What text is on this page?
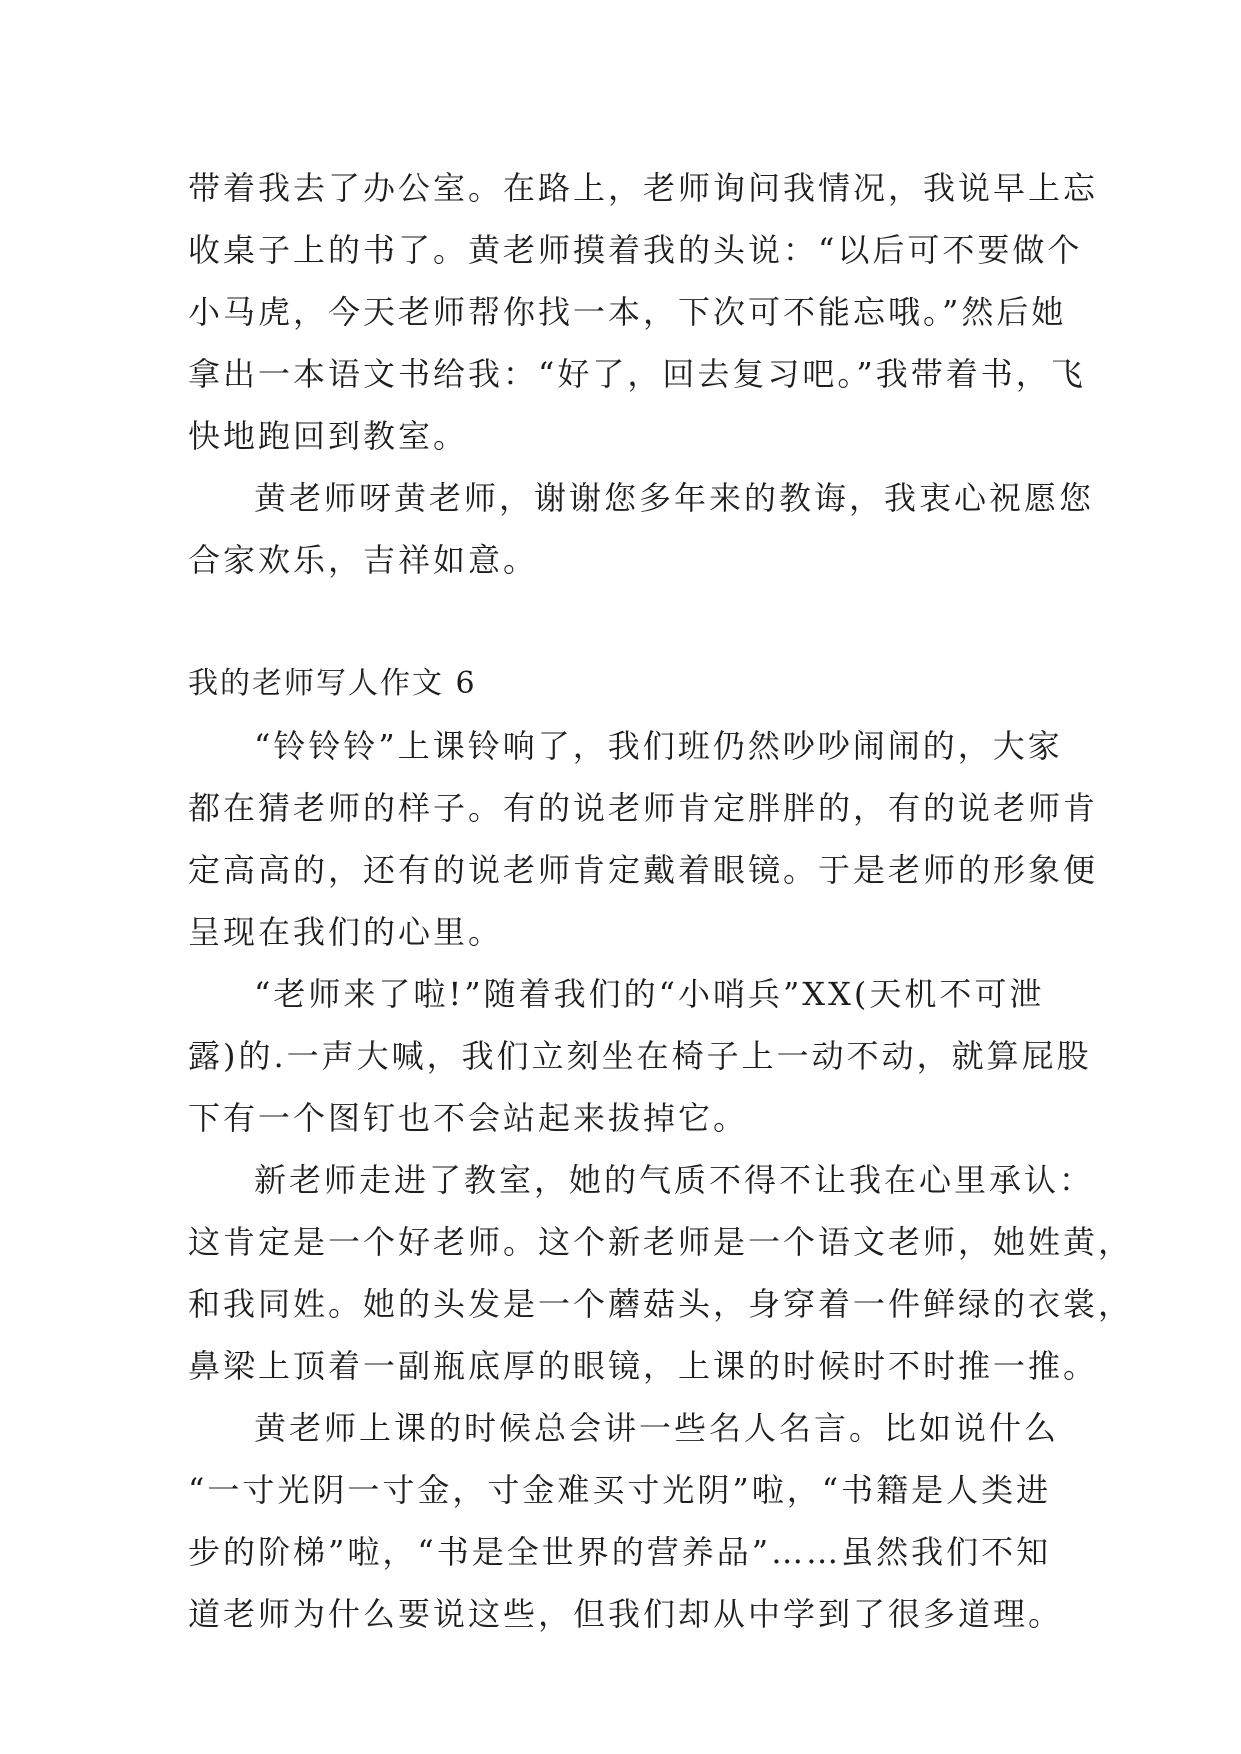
带着我去了办公室。在路上，老师询问我情况，我说早上忘
收桌子上的书了。黄老师摸着我的头说：“以后可不要做个
小马虎，今天老师帮你找一本，下次可不能忘哦。”然后她
拿出一本语文书给我：“好了，回去复习吧。”我带着书，飞
快地跑回到教室。
黄老师呀黄老师，谢谢您多年来的教诲，我衷心祝愿您
合家欢乐，吉祥如意。
我的老师写人作文 6
“铃铃铃”上课铃响了，我们班仍然吵吵闹闹的，大家
都在猜老师的样子。有的说老师肯定胖胖的，有的说老师肯
定高高的，还有的说老师肯定戴着眼镜。于是老师的形象便
呈现在我们的心里。
“老师来了啦!”随着我们的“小哨兵”XX(天机不可泄
露)的.一声大喊，我们立刻坐在椅子上一动不动，就算屁股
下有一个图钉也不会站起来拔掉它。
新老师走进了教室，她的气质不得不让我在心里承认：
这肯定是一个好老师。这个新老师是一个语文老师，她姓黄，
和我同姓。她的头发是一个蘑菇头，身穿着一件鲜绿的衣裳，
鼻梁上顶着一副瓶底厚的眼镜，上课的时候时不时推一推。
黄老师上课的时候总会讲一些名人名言。比如说什么
“一寸光阴一寸金，寸金难买寸光阴”啦，“书籍是人类进
步的阶梯”啦，“书是全世界的营养品”……虽然我们不知
道老师为什么要说这些，但我们却从中学到了很多道理。
